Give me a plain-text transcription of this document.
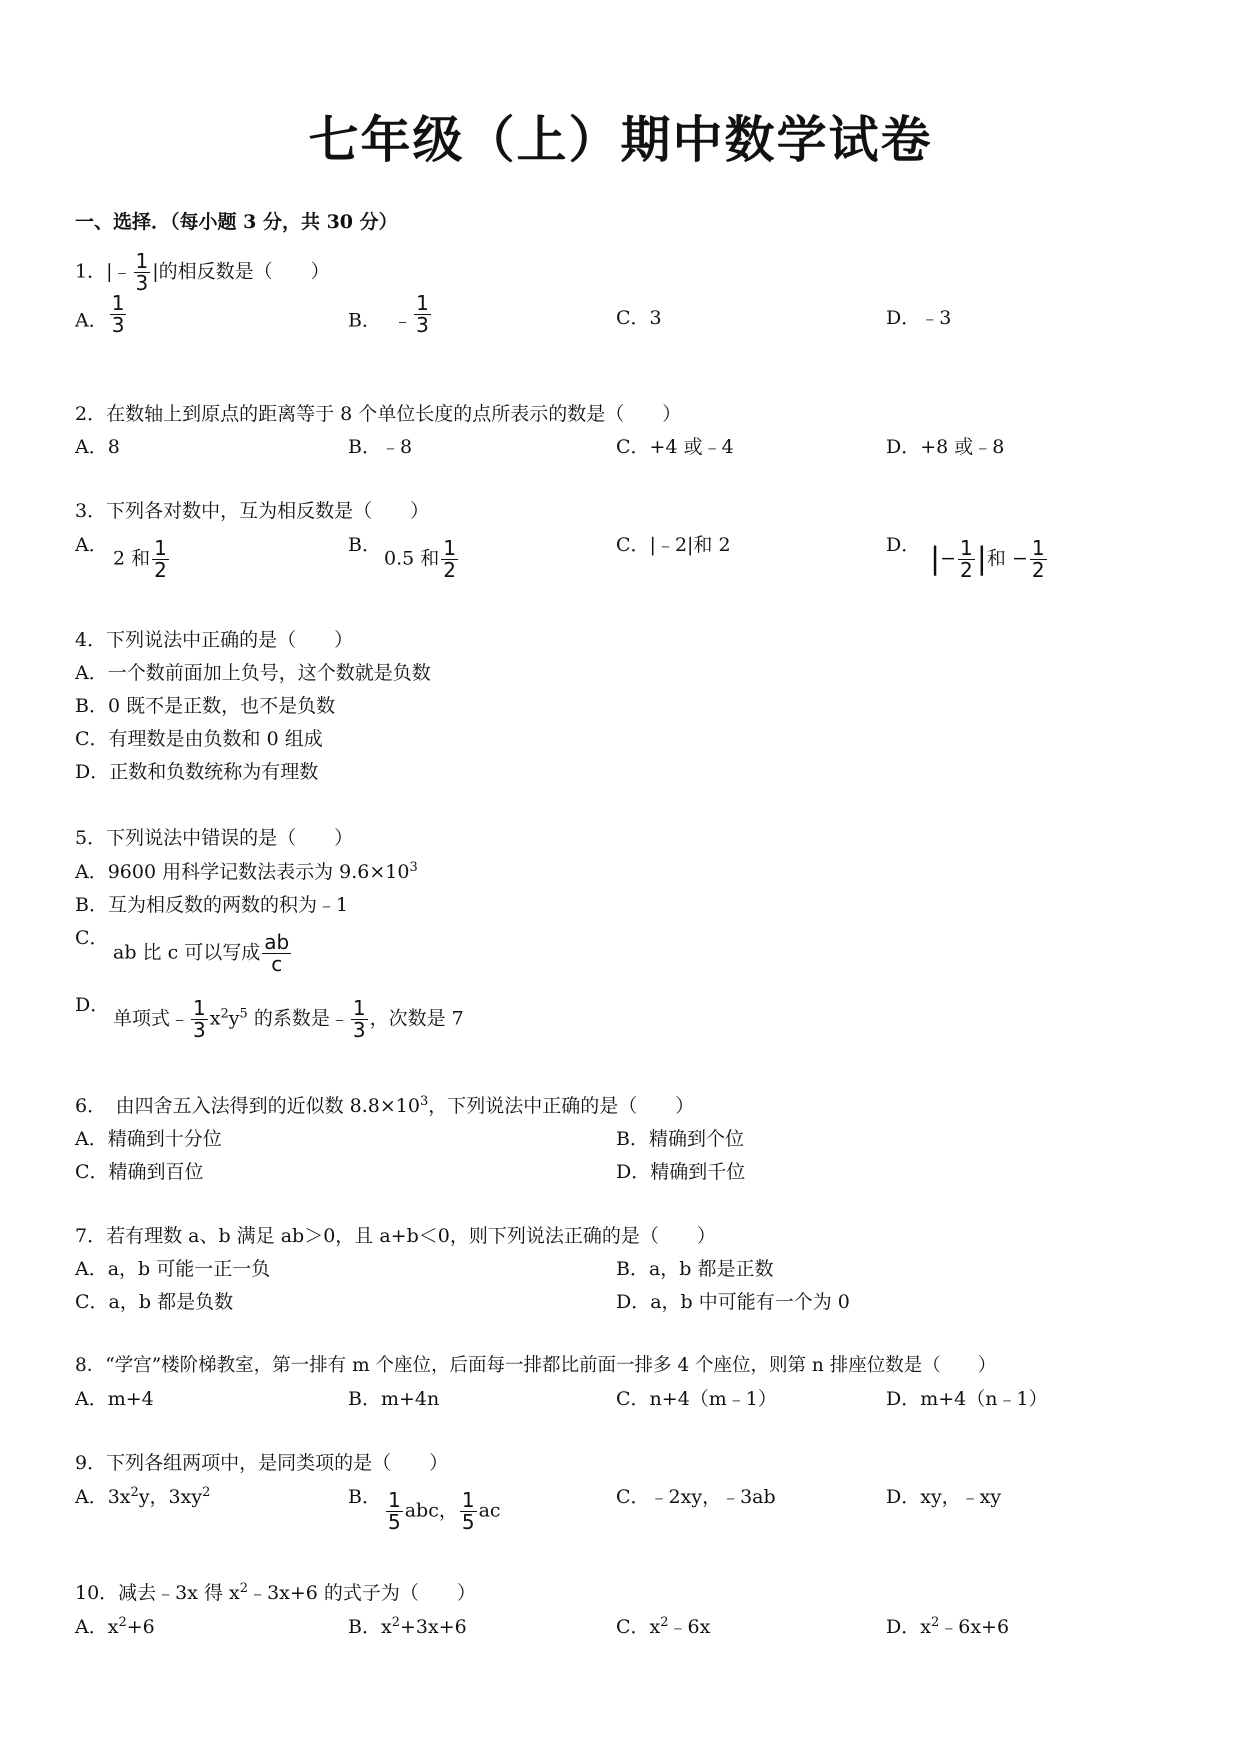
七年级（上）期中数学试卷
一、选择．（每小题 3 分，共 30 分）
1．|﹣ $\frac{1}{3}$ |的相反数是（　　）
A． $\frac{1}{3}$	B． ﹣ $\frac{1}{3}$	C．3	D．﹣3
2．在数轴上到原点的距离等于 8 个单位长度的点所表示的数是（　　）
A．8	B．﹣8	C．+4 或﹣4	D．+8 或﹣8
3．下列各对数中，互为相反数是（　　）
A．
2 和 $\frac{1}{2}$	B．
0.5 和 $\frac{1}{2}$	C．|﹣2|和 2	D． |− $\frac{1}{2}$ |和 − $\frac{1}{2}$
4．下列说法中正确的是（　　）
A．一个数前面加上负号，这个数就是负数
B．0 既不是正数，也不是负数
C．有理数是由负数和 0 组成
D．正数和负数统称为有理数
5．下列说法中错误的是（　　）
A．9600 用科学记数法表示为 $9.6\times 10^3$
B．互为相反数的两数的积为﹣1
C．
ab 比 c 可以写成 $\frac{ab}{c}$
D．
单项式﹣ $\frac{1}{3} x^2y^5$ 的系数是﹣ $\frac{1}{3}$ ，次数是 7
6．　由四舍五入法得到的近似数 $8.8\times 10^3$，下列说法中正确的是（　　）
A．精确到十分位	B．精确到个位
C．精确到百位	D．精确到千位
7．若有理数 a、b 满足 ab＞0，且 a+b＜0，则下列说法正确的是（　　）
A．a，b 可能一正一负	B．a，b 都是正数
C．a，b 都是负数	D．a，b 中可能有一个为 0
8．“学宫”楼阶梯教室，第一排有 m 个座位，后面每一排都比前面一排多 4 个座位，则第 n 排座位数是（　　）
A．m+4	B．m+4n	C．n+4（m﹣1）	D．m+4（n﹣1）
9．下列各组两项中，是同类项的是（　　）
A．$3x^2y$，$3xy^2$	B． $\frac{1}{5}$ abc， $\frac{1}{5}$ ac
C．﹣2xy，﹣3ab	D．xy，﹣xy
10．减去﹣3x 得 $x^2﹣3x+6$ 的式子为（　　）
A．$x^2+6$	B．$x^2+3x+6$	C．$x^2﹣6x$	D．$x^2﹣6x+6$
